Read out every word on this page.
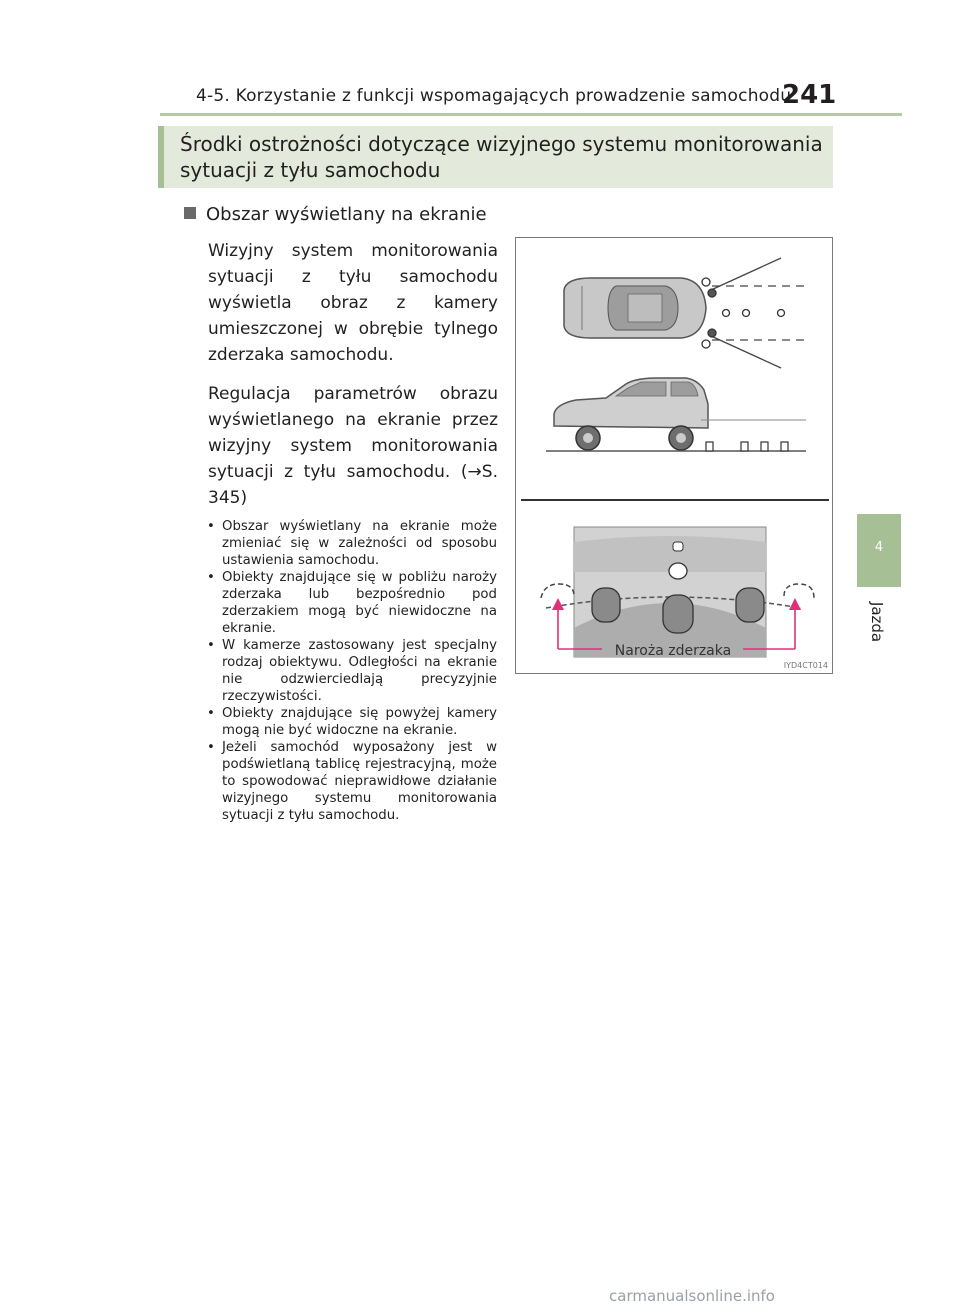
4-5. Korzystanie z funkcji wspomagających prowadzenie samochodu
241
4
Jazda
Środki ostrożności dotyczące wizyjnego systemu monitorowania sytuacji z tyłu samochodu
Obszar wyświetlany na ekranie
Wizyjny system monitorowania sytuacji z tyłu samochodu wyświetla obraz z kamery umieszczonej w obrębie tylnego zderzaka samochodu.
Regulacja parametrów obrazu wyświetlanego na ekranie przez wizyjny system monitorowania sytuacji z tyłu samochodu. (→S. 345)
• Obszar wyświetlany na ekranie może zmieniać się w zależności od sposobu ustawienia samochodu.
• Obiekty znajdujące się w pobliżu naroży zderzaka lub bezpośrednio pod zderzakiem mogą być niewidoczne na ekranie.
• W kamerze zastosowany jest specjalny rodzaj obiektywu. Odległości na ekranie nie odzwierciedlają precyzyjnie rzeczywistości.
• Obiekty znajdujące się powyżej kamery mogą nie być widoczne na ekranie.
• Jeżeli samochód wyposażony jest w podświetlaną tablicę rejestracyjną, może to spowodować nieprawidłowe działanie wizyjnego systemu monitorowania sytuacji z tyłu samochodu.
Naroża zderzaka
IYD4CT014
carmanualsonline.info
